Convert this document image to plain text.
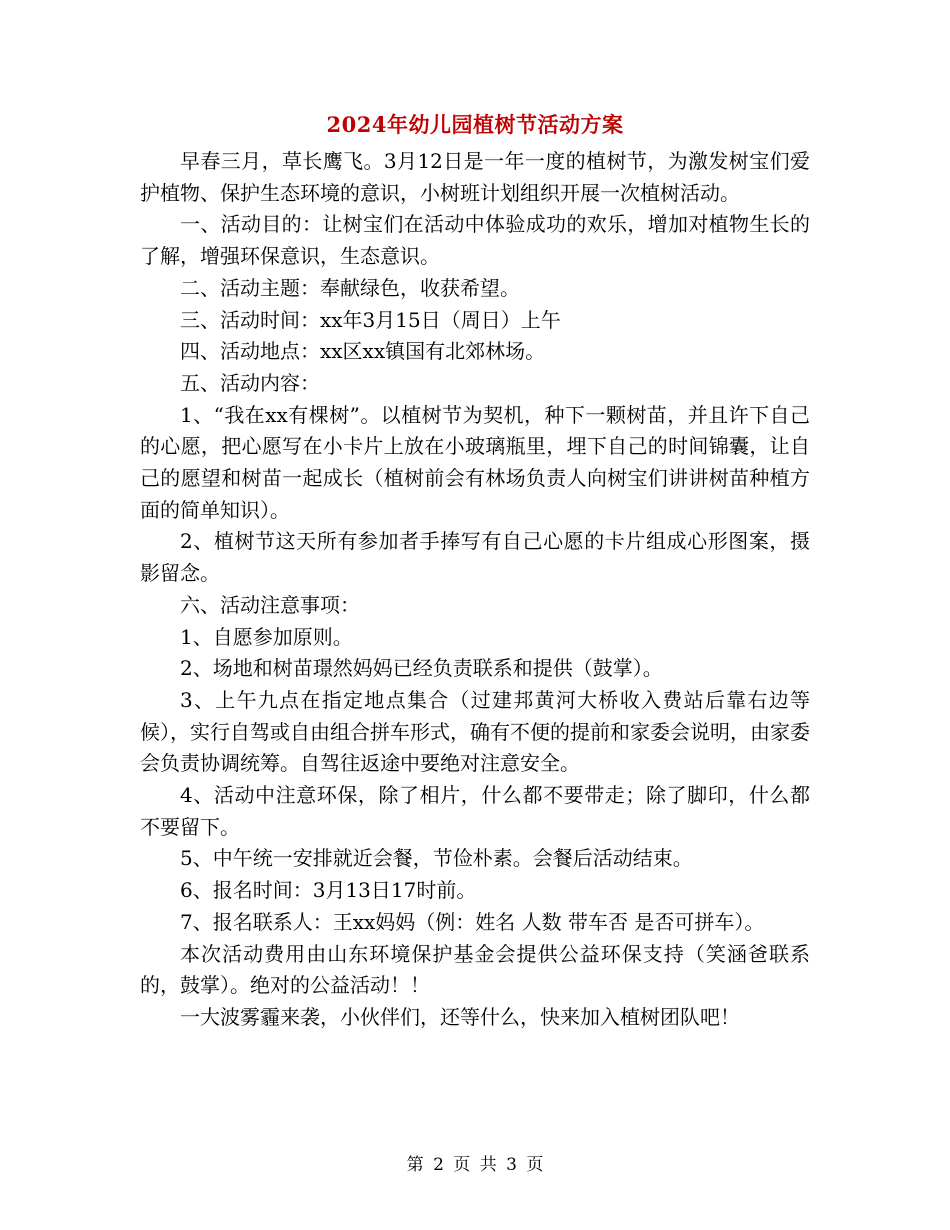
2024年幼儿园植树节活动方案

早春三月，草长鹰飞。3月12日是一年一度的植树节，为激发树宝们爱护植物、保护生态环境的意识，小树班计划组织开展一次植树活动。

一、活动目的：让树宝们在活动中体验成功的欢乐，增加对植物生长的了解，增强环保意识，生态意识。

二、活动主题：奉献绿色，收获希望。

三、活动时间：xx年3月15日（周日）上午

四、活动地点：xx区xx镇国有北郊林场。

五、活动内容：

1、“我在xx有棵树”。以植树节为契机，种下一颗树苗，并且许下自己的心愿，把心愿写在小卡片上放在小玻璃瓶里，埋下自己的时间锦囊，让自己的愿望和树苗一起成长（植树前会有林场负责人向树宝们讲讲树苗种植方面的简单知识）。

2、植树节这天所有参加者手捧写有自己心愿的卡片组成心形图案，摄影留念。

六、活动注意事项：

1、自愿参加原则。

2、场地和树苗璟然妈妈已经负责联系和提供（鼓掌）。

3、上午九点在指定地点集合（过建邦黄河大桥收入费站后靠右边等候），实行自驾或自由组合拼车形式，确有不便的提前和家委会说明，由家委会负责协调统筹。自驾往返途中要绝对注意安全。

4、活动中注意环保，除了相片，什么都不要带走；除了脚印，什么都不要留下。

5、中午统一安排就近会餐，节俭朴素。会餐后活动结束。

6、报名时间：3月13日17时前。

7、报名联系人：王xx妈妈（例：姓名 人数 带车否 是否可拼车）。

本次活动费用由山东环境保护基金会提供公益环保支持（笑涵爸联系的，鼓掌）。绝对的公益活动！！

一大波雾霾来袭，小伙伴们，还等什么，快来加入植树团队吧！

第 2 页 共 3 页
